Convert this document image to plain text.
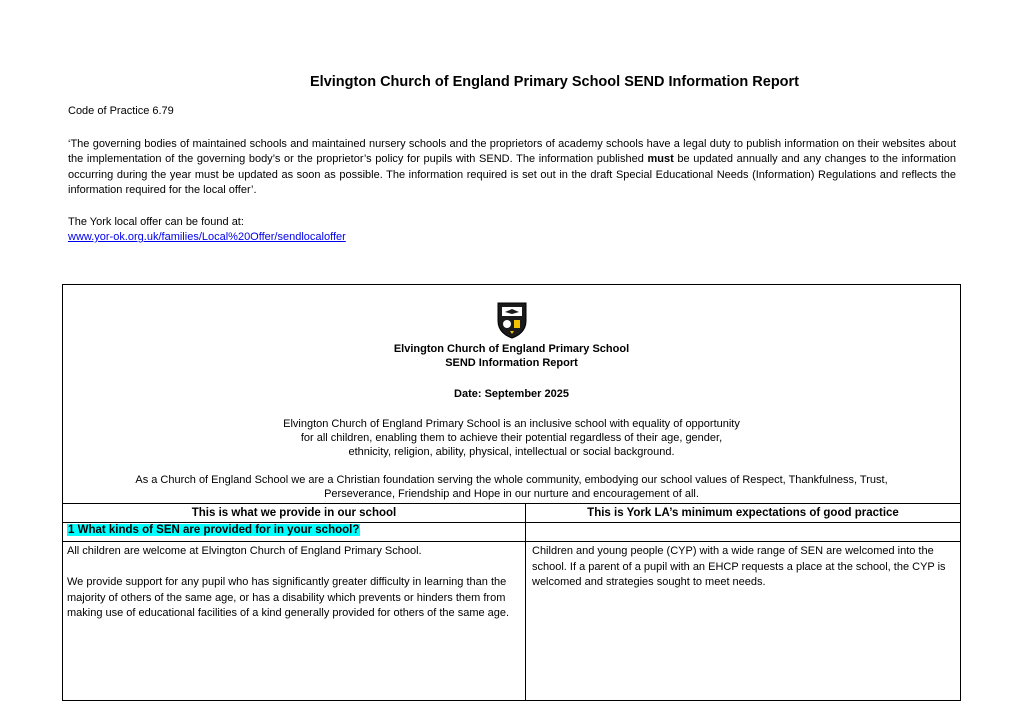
Elvington Church of England Primary School SEND Information Report
Code of Practice 6.79
‘The governing bodies of maintained schools and maintained nursery schools and the proprietors of academy schools have a legal duty to publish information on their websites about the implementation of the governing body’s or the proprietor’s policy for pupils with SEND. The information published must be updated annually and any changes to the information occurring during the year must be updated as soon as possible. The information required is set out in the draft Special Educational Needs (Information) Regulations and reflects the information required for the local offer’.
The York local offer can be found at:
www.yor-ok.org.uk/families/Local%20Offer/sendlocaloffer
Elvington Church of England Primary School
SEND Information Report
Date: September 2025
Elvington Church of England Primary School is an inclusive school with equality of opportunity
for all children, enabling them to achieve their potential regardless of their age, gender,
ethnicity, religion, ability, physical, intellectual or social background.
As a Church of England School we are a Christian foundation serving the whole community, embodying our school values of Respect, Thankfulness, Trust,
Perseverance, Friendship and Hope in our nurture and encouragement of all.
This is what we provide in our school	This is York LA’s minimum expectations of good practice
1 What kinds of SEN are provided for in your school?

All children are welcome at Elvington Church of England Primary School.

We provide support for any pupil who has significantly greater difficulty in learning than the majority of others of the same age, or has a disability which prevents or hinders them from making use of educational facilities of a kind generally provided for others of the same age.

Children and young people (CYP) with a wide range of SEN are welcomed into the school. If a parent of a pupil with an EHCP requests a place at the school, the CYP is welcomed and strategies sought to meet needs.
